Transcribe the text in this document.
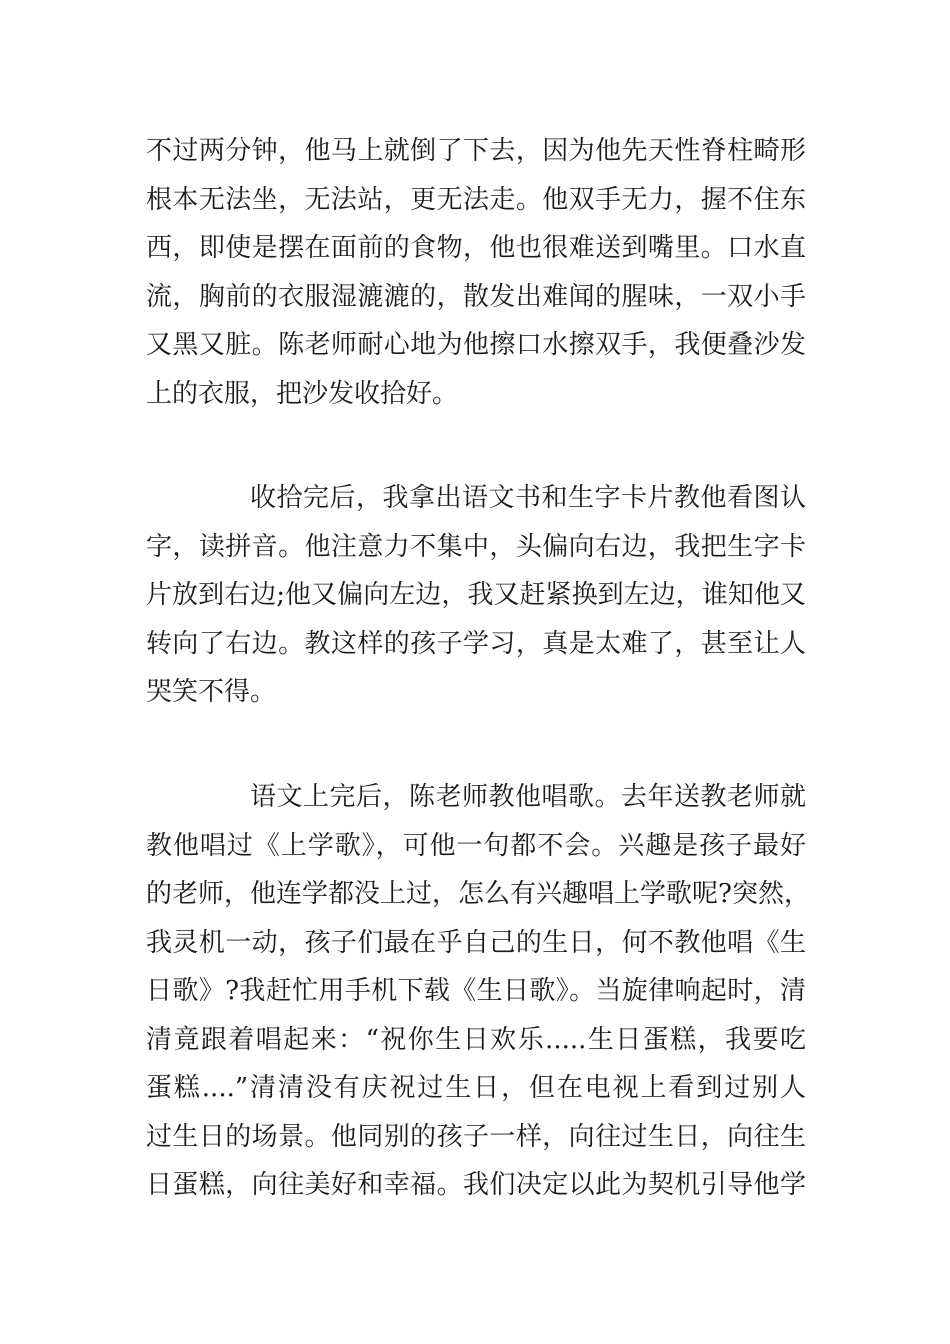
不过两分钟，他马上就倒了下去，因为他先天性脊柱畸形
根本无法坐，无法站，更无法走。他双手无力，握不住东
西，即使是摆在面前的食物，他也很难送到嘴里。口水直
流，胸前的衣服湿漉漉的，散发出难闻的腥味，一双小手
又黑又脏。陈老师耐心地为他擦口水擦双手，我便叠沙发
上的衣服，把沙发收拾好。

收拾完后，我拿出语文书和生字卡片教他看图认
字，读拼音。他注意力不集中，头偏向右边，我把生字卡
片放到右边;他又偏向左边，我又赶紧换到左边，谁知他又
转向了右边。教这样的孩子学习，真是太难了，甚至让人
哭笑不得。

语文上完后，陈老师教他唱歌。去年送教老师就
教他唱过《上学歌》，可他一句都不会。兴趣是孩子最好
的老师，他连学都没上过，怎么有兴趣唱上学歌呢?突然，
我灵机一动，孩子们最在乎自己的生日，何不教他唱《生
日歌》?我赶忙用手机下载《生日歌》。当旋律响起时，清
清竟跟着唱起来：“祝你生日欢乐.....生日蛋糕，我要吃
蛋糕....”清清没有庆祝过生日，但在电视上看到过别人
过生日的场景。他同别的孩子一样，向往过生日，向往生
日蛋糕，向往美好和幸福。我们决定以此为契机引导他学
